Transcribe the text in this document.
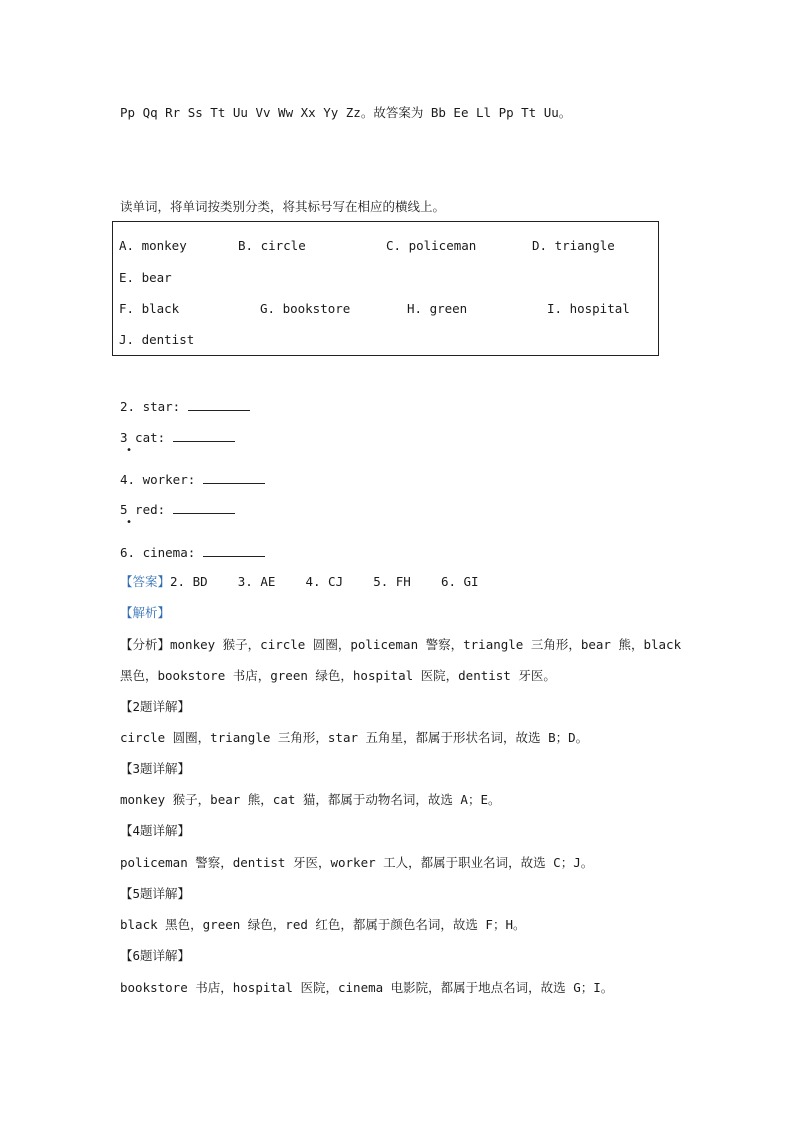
Pp Qq Rr Ss Tt Uu Vv Ww Xx Yy Zz。故答案为 Bb Ee Ll Pp Tt Uu。
读单词，将单词按类别分类，将其标号写在相应的横线上。
A. monkey	B. circle	C. policeman	D. triangle
E. bear
F. black	G. bookstore	H. green	I. hospital
J. dentist
2. star:
3 cat:
•
4. worker:
5 red:
•
6. cinema:
【答案】2. BD    3. AE    4. CJ    5. FH    6. GI
【解析】
【分析】monkey 猴子，circle 圆圈，policeman 警察，triangle 三角形，bear 熊，black
黑色，bookstore 书店，green 绿色，hospital 医院，dentist 牙医。
【2题详解】
circle 圆圈，triangle 三角形，star 五角星，都属于形状名词，故选 B；D。
【3题详解】
monkey 猴子，bear 熊，cat 猫，都属于动物名词，故选 A；E。
【4题详解】
policeman 警察，dentist 牙医，worker 工人，都属于职业名词，故选 C；J。
【5题详解】
black 黑色，green 绿色，red 红色，都属于颜色名词，故选 F；H。
【6题详解】
bookstore 书店，hospital 医院，cinema 电影院，都属于地点名词，故选 G；I。
